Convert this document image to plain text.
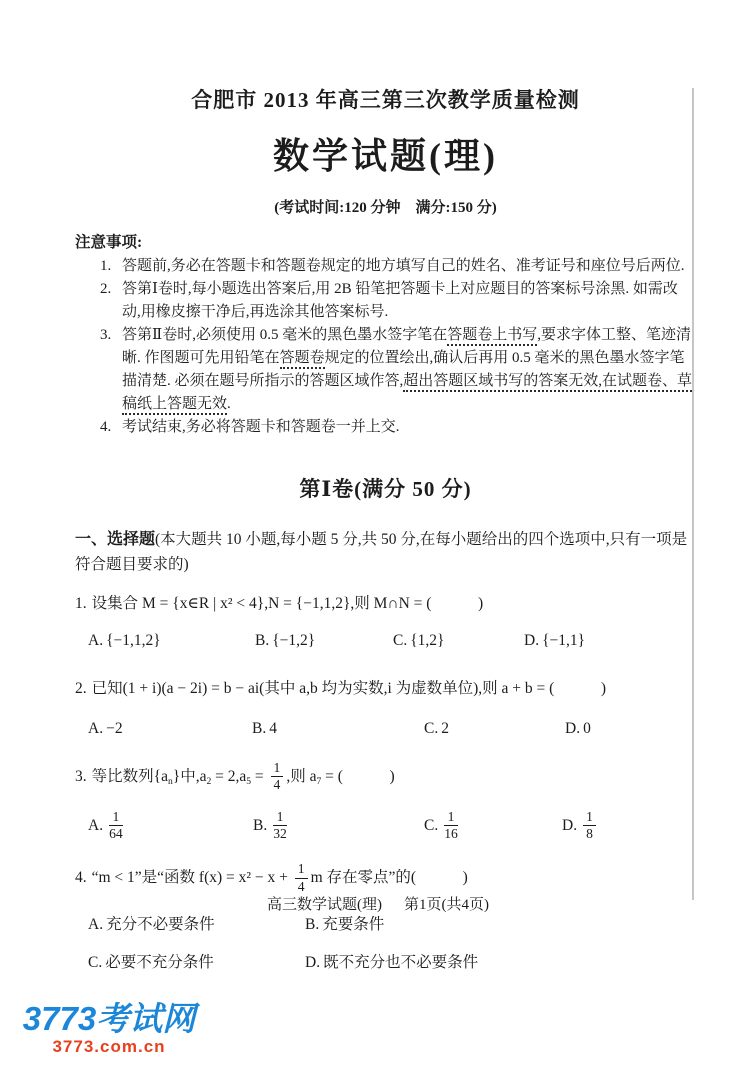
合肥市 2013 年高三第三次教学质量检测
数学试题(理)
(考试时间:120 分钟　满分:150 分)
注意事项:
1. 答题前,务必在答题卡和答题卷规定的地方填写自己的姓名、准考证号和座位号后两位.
2. 答第Ⅰ卷时,每小题选出答案后,用 2B 铅笔把答题卡上对应题目的答案标号涂黑. 如需改动,用橡皮擦干净后,再选涂其他答案标号.
3. 答第Ⅱ卷时,必须使用 0.5 毫米的黑色墨水签字笔在答题卷上书写,要求字体工整、笔迹清晰. 作图题可先用铅笔在答题卷规定的位置绘出,确认后再用 0.5 毫米的黑色墨水签字笔描清楚. 必须在题号所指示的答题区域作答,超出答题区域书写的答案无效,在试题卷、草稿纸上答题无效.
4. 考试结束,务必将答题卡和答题卷一并上交.
第Ⅰ卷(满分 50 分)
一、选择题(本大题共 10 小题,每小题 5 分,共 50 分,在每小题给出的四个选项中,只有一项是符合题目要求的)
1. 设集合 M = {x∈R | x² < 4},N = {−1,1,2},则 M∩N = (　　　)
A. {−1,1,2}	B. {−1,2}	C. {1,2}	D. {−1,1}
2. 已知(1 + i)(a − 2i) = b − ai(其中 a,b 均为实数,i 为虚数单位),则 a + b = (　　　)
A. −2	B. 4	C. 2	D. 0
3. 等比数列$\{a_n\}$中$,a_2 = 2,a_5 = \frac{1}{4}$ ,则 $a_7$ = (　　　)
A. $\frac{1}{64}$	B. $\frac{1}{32}$	C. $\frac{1}{16}$	D. $\frac{1}{8}$
4. “m < 1”是“函数 $f(x) = x^2 - x + \frac{1}{4}$ m 存在零点”的(　　　)
A. 充分不必要条件	B. 充要条件
C. 必要不充分条件	D. 既不充分也不必要条件
高三数学试题(理) 第1页(共4页)
3773考试网
3773.com.cn
